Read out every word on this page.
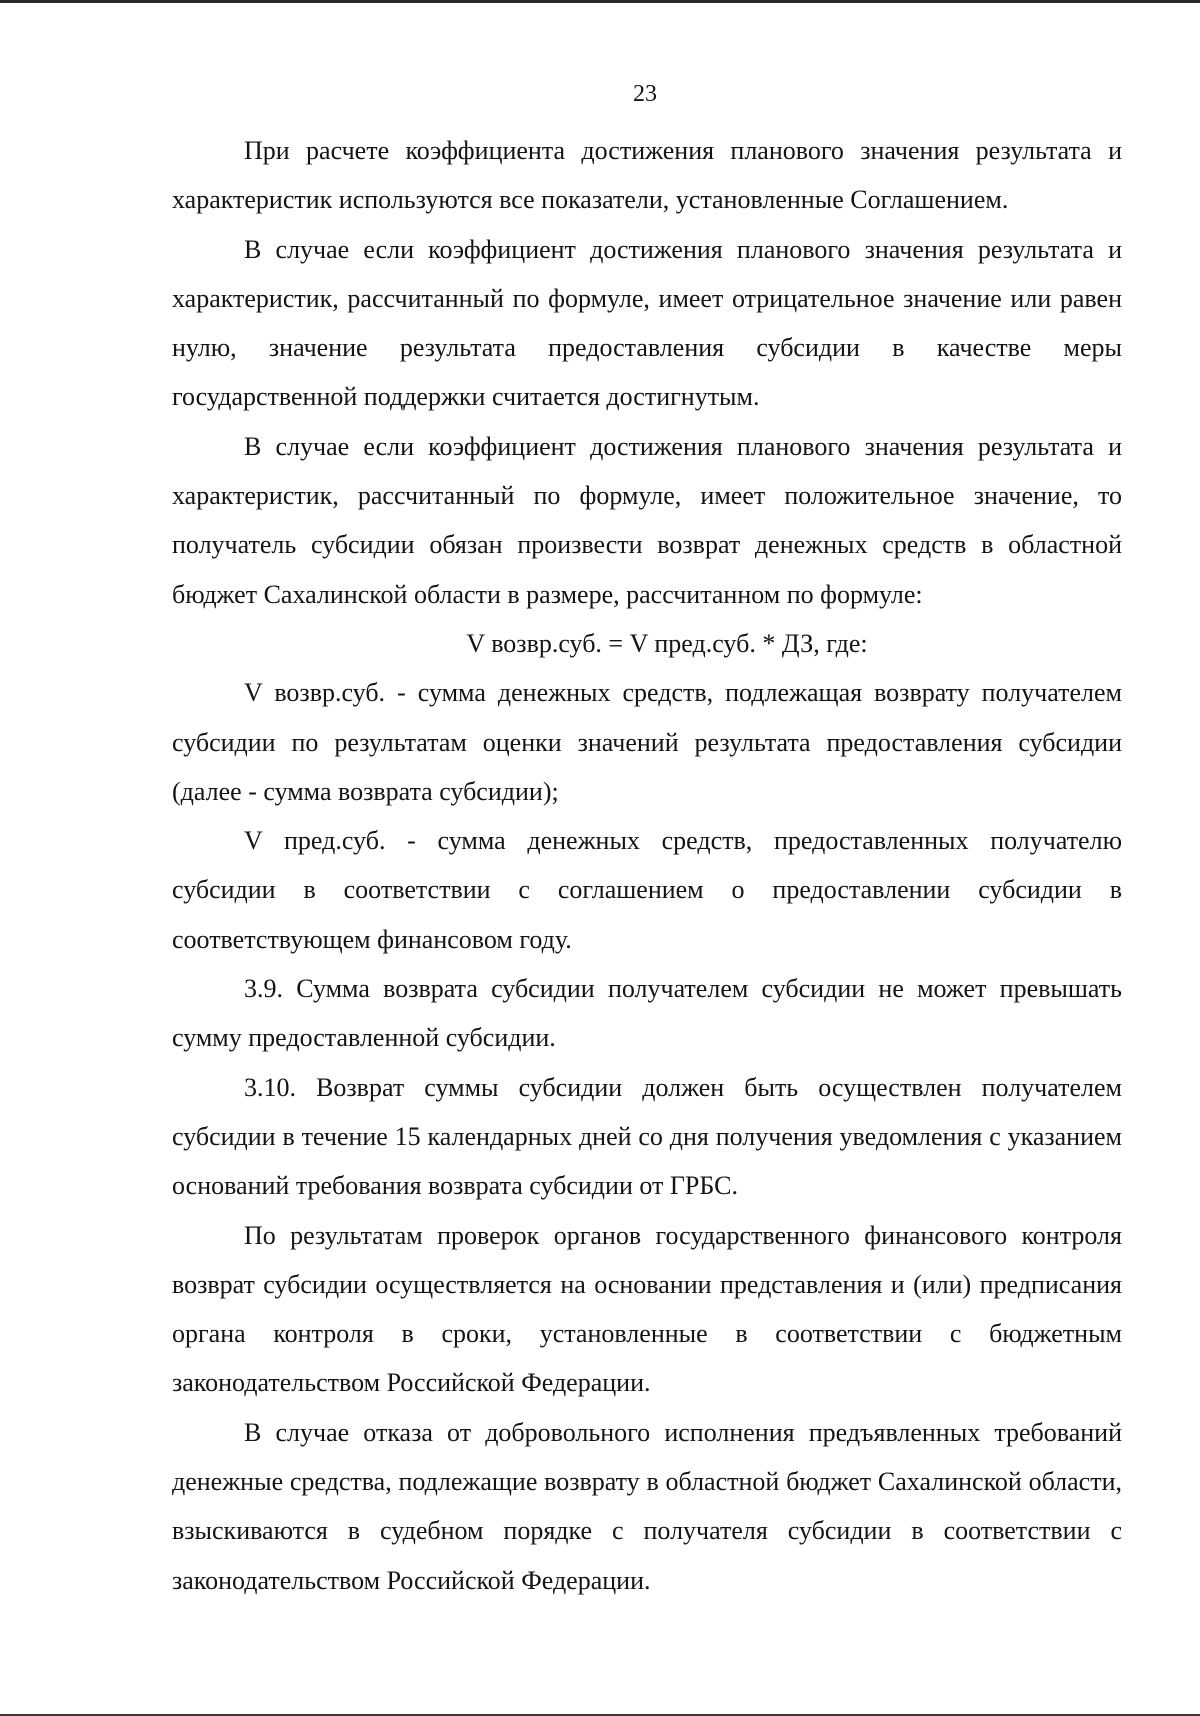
23

При расчете коэффициента достижения планового значения результата и характеристик используются все показатели, установленные Соглашением.

В случае если коэффициент достижения планового значения результата и характеристик, рассчитанный по формуле, имеет отрицательное значение или равен нулю, значение результата предоставления субсидии в качестве меры государственной поддержки считается достигнутым.

В случае если коэффициент достижения планового значения результата и характеристик, рассчитанный по формуле, имеет положительное значение, то получатель субсидии обязан произвести возврат денежных средств в областной бюджет Сахалинской области в размере, рассчитанном по формуле:

V возвр.суб. = V пред.суб. * ДЗ, где:

V возвр.суб. - сумма денежных средств, подлежащая возврату получателем субсидии по результатам оценки значений результата предоставления субсидии (далее - сумма возврата субсидии);

V пред.суб. - сумма денежных средств, предоставленных получателю субсидии в соответствии с соглашением о предоставлении субсидии в соответствующем финансовом году.

3.9. Сумма возврата субсидии получателем субсидии не может превышать сумму предоставленной субсидии.

3.10. Возврат суммы субсидии должен быть осуществлен получателем субсидии в течение 15 календарных дней со дня получения уведомления с указанием оснований требования возврата субсидии от ГРБС.

По результатам проверок органов государственного финансового контроля возврат субсидии осуществляется на основании представления и (или) предписания органа контроля в сроки, установленные в соответствии с бюджетным законодательством Российской Федерации.

В случае отказа от добровольного исполнения предъявленных требований денежные средства, подлежащие возврату в областной бюджет Сахалинской области, взыскиваются в судебном порядке с получателя субсидии в соответствии с законодательством Российской Федерации.
